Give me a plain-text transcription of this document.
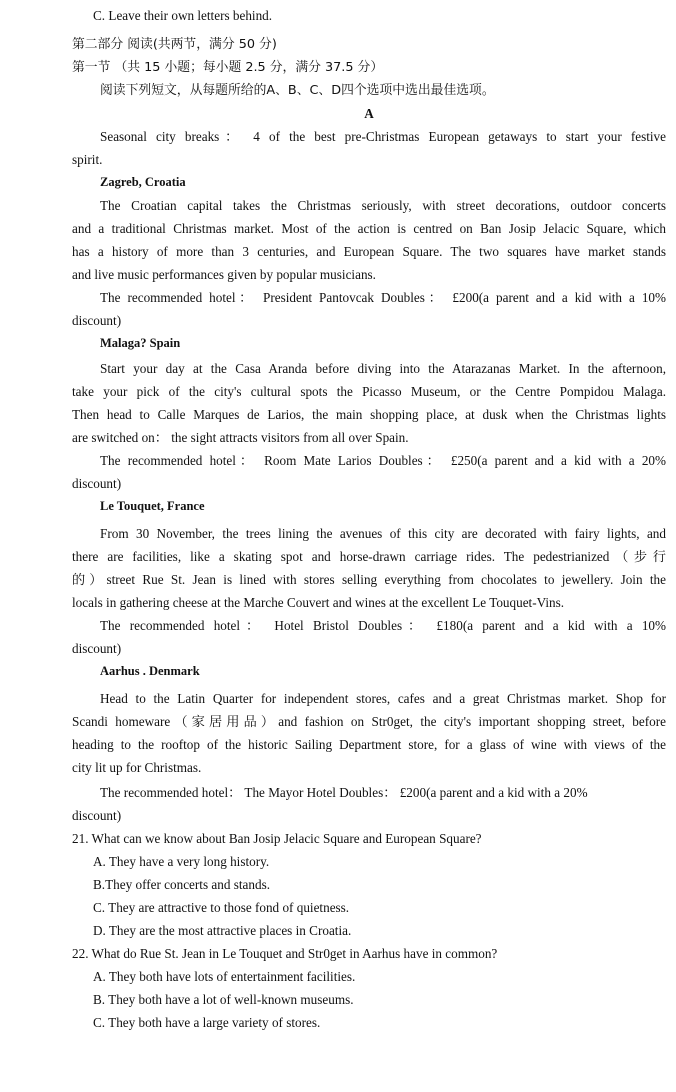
C. Leave their own letters behind.
第二部分 阅读(共两节，满分 50 分)
第一节 （共 15 小题；每小题 2.5 分，满分 37.5 分）
阅读下列短文，从每题所给的A、B、C、D四个选项中选出最佳选项。
A
Seasonal city breaks： 4 of the best pre-Christmas European getaways to start your festive
spirit.
Zagreb, Croatia
The Croatian capital takes the Christmas seriously, with street decorations, outdoor concerts
and a traditional Christmas market. Most of the action is centred on Ban Josip Jelacic Square, which
has a history of more than 3 centuries, and European Square. The two squares have market stands
and live music performances given by popular musicians.
The recommended hotel： President Pantovcak Doubles： £200(a parent and a kid with a 10%
discount)
Malaga? Spain
Start your day at the Casa Aranda before diving into the Atarazanas Market. In the afternoon,
take your pick of the city's cultural spots the Picasso Museum, or the Centre Pompidou Malaga.
Then head to Calle Marques de Larios, the main shopping place, at dusk when the Christmas lights
are switched on： the sight attracts visitors from all over Spain.
The recommended hotel： Room Mate Larios Doubles： £250(a parent and a kid with a 20%
discount)
Le Touquet, France
From 30 November, the trees lining the avenues of this city are decorated with fairy lights, and
there are facilities, like a skating spot and horse-drawn carriage rides. The pedestrianized（步行
的）street Rue St. Jean is lined with stores selling everything from chocolates to jewellery. Join the
locals in gathering cheese at the Marche Couvert and wines at the excellent Le Touquet-Vins.
The recommended hotel： Hotel Bristol Doubles： £180(a parent and a kid with a 10%
discount)
Aarhus . Denmark
Head to the Latin Quarter for independent stores, cafes and a great Christmas market. Shop for
Scandi homeware（家居用品）and fashion on Str0get, the city's important shopping street, before
heading to the rooftop of the historic Sailing Department store, for a glass of wine with views of the
city lit up for Christmas.
The recommended hotel： The Mayor Hotel Doubles： £200(a parent and a kid with a 20%
discount)
21. What can we know about Ban Josip Jelacic Square and European Square?
A. They have a very long history.
B.They offer concerts and stands.
C. They are attractive to those fond of quietness.
D. They are the most attractive places in Croatia.
22. What do Rue St. Jean in Le Touquet and Str0get in Aarhus have in common?
A. They both have lots of entertainment facilities.
B. They both have a lot of well-known museums.
C. They both have a large variety of stores.
